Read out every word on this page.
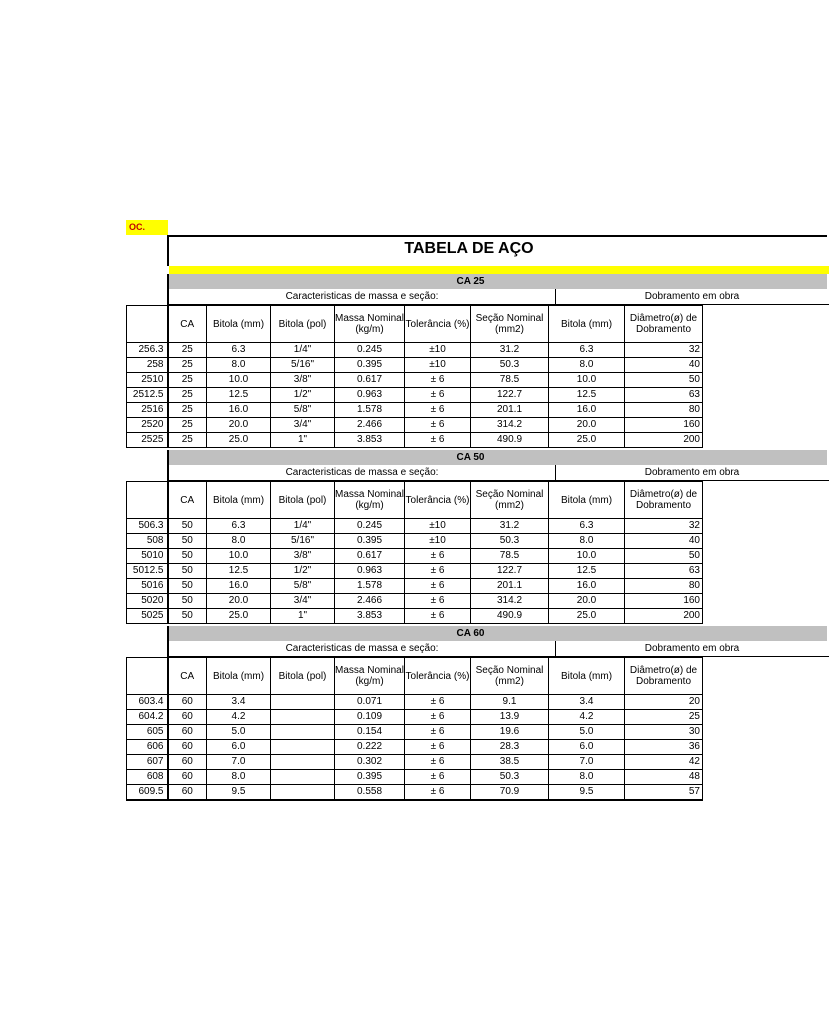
OC.
TABELA DE AÇO
CA 25
Caracteristicas de massa e seção:	Dobramento em obra
	CA	Bitola (mm)	Bitola (pol)	Massa Nominal (kg/m)	Tolerância (%)	Seção Nominal (mm2)	Bitola (mm)	Diâmetro(ø) de Dobramento
256.3	25	6.3	1/4"	0.245	±10	31.2	6.3	32
258	25	8.0	5/16"	0.395	±10	50.3	8.0	40
2510	25	10.0	3/8"	0.617	± 6	78.5	10.0	50
2512.5	25	12.5	1/2"	0.963	± 6	122.7	12.5	63
2516	25	16.0	5/8"	1.578	± 6	201.1	16.0	80
2520	25	20.0	3/4"	2.466	± 6	314.2	20.0	160
2525	25	25.0	1"	3.853	± 6	490.9	25.0	200
CA 50
Caracteristicas de massa e seção:	Dobramento em obra
	CA	Bitola (mm)	Bitola (pol)	Massa Nominal (kg/m)	Tolerância (%)	Seção Nominal (mm2)	Bitola (mm)	Diâmetro(ø) de Dobramento
506.3	50	6.3	1/4"	0.245	±10	31.2	6.3	32
508	50	8.0	5/16"	0.395	±10	50.3	8.0	40
5010	50	10.0	3/8"	0.617	± 6	78.5	10.0	50
5012.5	50	12.5	1/2"	0.963	± 6	122.7	12.5	63
5016	50	16.0	5/8"	1.578	± 6	201.1	16.0	80
5020	50	20.0	3/4"	2.466	± 6	314.2	20.0	160
5025	50	25.0	1"	3.853	± 6	490.9	25.0	200
CA 60
Caracteristicas de massa e seção:	Dobramento em obra
	CA	Bitola (mm)	Bitola (pol)	Massa Nominal (kg/m)	Tolerância (%)	Seção Nominal (mm2)	Bitola (mm)	Diâmetro(ø) de Dobramento
603.4	60	3.4		0.071	± 6	9.1	3.4	20
604.2	60	4.2		0.109	± 6	13.9	4.2	25
605	60	5.0		0.154	± 6	19.6	5.0	30
606	60	6.0		0.222	± 6	28.3	6.0	36
607	60	7.0		0.302	± 6	38.5	7.0	42
608	60	8.0		0.395	± 6	50.3	8.0	48
609.5	60	9.5		0.558	± 6	70.9	9.5	57
